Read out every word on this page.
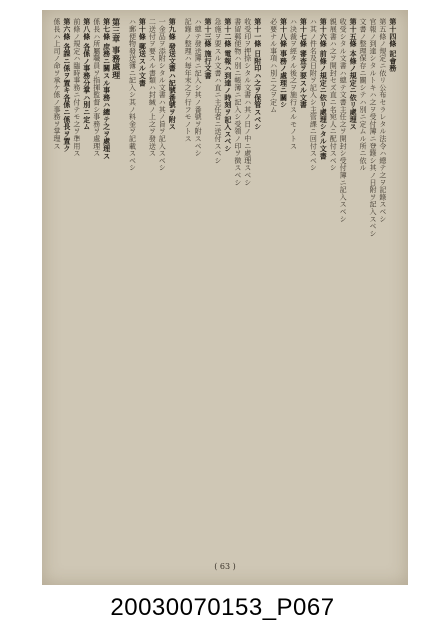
第十四條 記會務
第五條ノ規定ニ依リ公布セラレタル法令ハ總テ之ヲ記錄スベシ
官報ノ到達シタルトキハ之ヲ受付簿ニ登錄シ其ノ日附ヲ記入スベシ
文書ノ整理保存ニ關シテハ別ニ定ムル所ニ依ル
第十五條 本條ノ規定ニ依リ處理ス
收受シタル文書ハ總テ文書主任之ヲ開封シ受付簿ニ記入スベシ
親展書ハ之ヲ開封セズ直ニ名宛人ニ配付スベシ
第十六條 前條ノ規定ニ依リ處理シタル文書
ハ其ノ件名及日附ヲ記入シ主管課ニ回付スベシ
第十七條 審査ヲ要スル文書
ハ決裁ヲ經タル後之ヲ施行スルモノトス
第十八條 事務ノ處理ニ關シ
必要ナル事項ハ別ニ之ヲ定ム
第十一條 日附印ハ之ヲ保管スベシ
收受印ヲ押捺シタル文書ハ其ノ日ノ中ニ處理スベシ
書留郵便物ハ別ニ帳簿ニ記入シ受領ノ印ヲ徴スベシ
第十二條 電報ハ到達ノ時刻ヲ記入スベシ
急施ヲ要スル文書ハ直ニ主任者ニ送付スベシ
第十三條 施行文書
ハ總テ發送簿ニ記入シ其ノ番號ヲ附スベシ
記錄ノ整理ハ毎年末之ヲ行フモノトス
第九條 發送文書ハ記號番號ヲ附ス
一金品ヲ添附シタル文書ハ其ノ旨ヲ記入スベシ
二送付ヲ要スル書類ハ封緘ノ上之ヲ發送ス
第十條 郵送スル文書
ハ郵便物發送簿ニ記入シ其ノ料金ヲ記載スベシ
第三章 事務處理
第七條 庶務ニ關スル事務ハ總テ之ヲ處理ス
係長ハ所屬職員ヲ指揮監督シ事務ヲ處理ス
第八條 各係ノ事務分掌ハ別ニ定ム
前條ノ規定ハ臨時事務ニ付テモ之ヲ準用ス
第六條 各課ニ係ヲ置キ各係ニ係長ヲ置ク
係長ハ上司ノ命ヲ承ケ係ノ事務ヲ掌理ス
( 63 )
20030070153_P067
